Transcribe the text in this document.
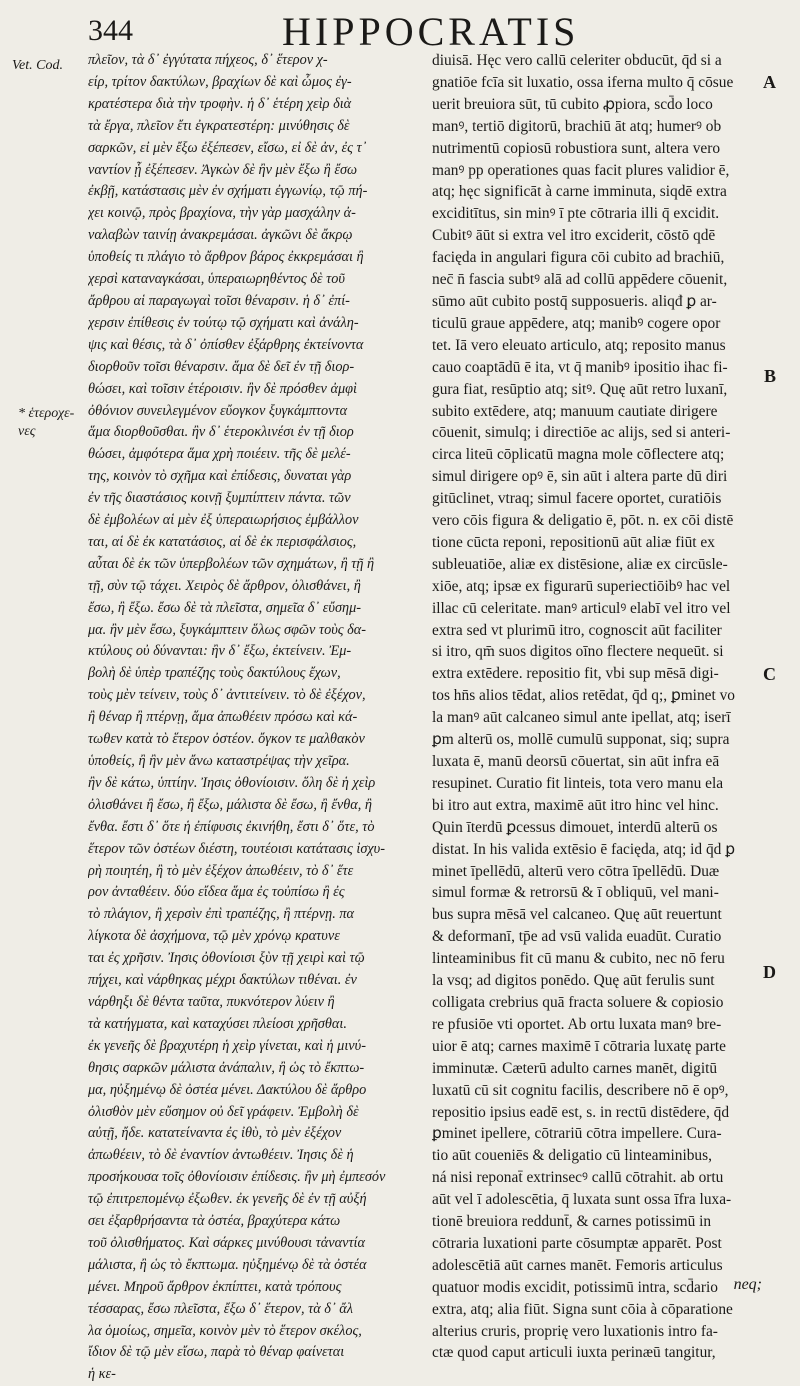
344	HIPPOCRATIS
Vet. Cod.
* ἑτεροχε-
νες
πλεῖον, τὰ δ᾽ ἐγγύτατα πήχεος, δ᾽ ἕτερον χ-
είρ, τρίτον δακτύλων, βραχίων δὲ καὶ ὦμος ἐγ-
κρατέστερα διὰ τὴν τροφὴν. ἡ δ᾽ ἑτέρη χεὶρ διὰ
τὰ ἔργα, πλεῖον ἔτι ἐγκρατεστέρη: μινύθησις δὲ
σαρκῶν, εἰ μὲν ἔξω ἐξέπεσεν, εἴσω, εἰ δὲ ἀν, ἐς τ᾽
ναντίον ᾗ ἐξέπεσεν. Ἀγκὼν δὲ ἢν μὲν ἔξω ἢ ἔσω
ἐκβῇ, κατάστασις μὲν ἐν σχήματι ἐγγωνίῳ, τῷ πή-
χει κοινῷ, πρὸς βραχίονα, τὴν γὰρ μασχάλην ἀ-
ναλαβὼν ταινίῃ ἀνακρεμάσαι. ἀγκῶνι δὲ ἄκρῳ
ὑποθείς τι πλάγιο τὸ ἄρθρον βάρος ἐκκρεμάσαι ἢ
χερσὶ καταναγκάσαι, ὑπεραιωρηθέντος δὲ τοῦ
ἄρθρου αἱ παραγωγαὶ τοῖσι θέναρσιν. ἡ δ᾽ ἐπί-
χερσιν ἐπίθεσις ἐν τούτῳ τῷ σχήματι καὶ ἀνάλη-
ψις καὶ θέσις, τὰ δ᾽ ὀπίσθεν ἐξάρθρης ἐκτείνοντα
διορθοῦν τοῖσι θέναρσιν. ἅμα δὲ δεῖ ἐν τῇ διορ-
θώσει, καὶ τοῖσιν ἑτέροισιν. ἢν δὲ πρόσθεν ἀμφὶ
ὀθόνιον συνειλεγμένον εὔογκον ξυγκάμπτοντα
ἅμα διορθοῦσθαι. ἢν δ᾽ ἑτεροκλινέσι ἐν τῇ διορ
θώσει, ἀμφότερα ἅμα χρὴ ποιέειν. τῆς δὲ μελέ-
της, κοινὸν τὸ σχῆμα καὶ ἐπίδεσις, δυναται γὰρ
ἐν τῆς διαστάσιος κοινῇ ξυμπίπτειν πάντα. τῶν
δὲ ἐμβολέων αἱ μὲν ἐξ ὑπεραιωρήσιος ἐμβάλλον
ται, αἱ δὲ ἐκ κατατάσιος, αἱ δὲ ἐκ περισφάλσιος,
αὗται δὲ ἐκ τῶν ὑπερβολέων τῶν σχημάτων, ἢ τῇ ἢ
τῇ, σὺν τῷ τάχει. Χειρὸς δὲ ἄρθρον, ὀλισθάνει, ἢ
ἔσω, ἢ ἔξω. ἔσω δὲ τὰ πλεῖστα, σημεῖα δ᾽ εὔσημ-
μα. ἢν μὲν ἔσω, ξυγκάμπτειν ὅλως σφῶν τοὺς δα-
κτύλους οὐ δύνανται: ἢν δ᾽ ἔξω, ἐκτείνειν. Ἐμ-
βολὴ δὲ ὑπὲρ τραπέζης τοὺς δακτύλους ἔχων,
τοὺς μὲν τείνειν, τοὺς δ᾽ ἀντιτείνειν. τὸ δὲ ἐξέχον,
ἢ θέναρ ἢ πτέρνῃ, ἅμα ἀπωθέειν πρόσω καὶ κά-
τωθεν κατὰ τὸ ἕτερον ὀστέον. ὄγκον τε μαλθακὸν
ὑποθείς, ἢ ἢν μὲν ἄνω καταστρέψας τὴν χεῖρα.
ἢν δὲ κάτω, ὑπτίην. Ἰησις ὀθονίοισιν. ὅλη δὲ ἡ χεὶρ
ὀλισθάνει ἢ ἔσω, ἢ ἔξω, μάλιστα δὲ ἔσω, ἢ ἔνθα, ἢ
ἔνθα. ἔστι δ᾽ ὅτε ἡ ἐπίφυσις ἐκινήθη, ἔστι δ᾽ ὅτε, τὸ
ἕτερον τῶν ὀστέων διέστη, τουτέοισι κατάτασις ἰσχυ-
ρὴ ποιητέη, ἢ τὸ μὲν ἐξέχον ἀπωθέειν, τὸ δ᾽ ἕτε
ρον ἀνταθέειν. δύο εἴδεα ἅμα ἐς τοὐπίσω ἢ ἐς
τὸ πλάγιον, ἢ χερσὶν ἐπὶ τραπέζης, ἢ πτέρνῃ. πα
λίγκοτα δὲ ἀσχήμονα, τῷ μὲν χρόνῳ κρατυνε
ται ἐς χρῆσιν. Ἰησις ὀθονίοισι ξὺν τῇ χειρὶ καὶ τῷ
πήχει, καὶ νάρθηκας μέχρι δακτύλων τιθέναι. ἐν
νάρθηξι δὲ θέντα ταῦτα, πυκνότερον λύειν ἢ
τὰ κατήγματα, καὶ καταχύσει πλείοσι χρῆσθαι.
ἐκ γενεῆς δὲ βραχυτέρη ἡ χεὶρ γίνεται, καὶ ἡ μινύ-
θησις σαρκῶν μάλιστα ἀνάπαλιν, ἢ ὡς τὸ ἔκπτω-
μα, ηὐξημένῳ δὲ ὀστέα μένει. Δακτύλου δὲ ἄρθρο
ὀλισθὸν μὲν εὔσημον οὐ δεῖ γράφειν. Ἐμβολὴ δὲ
αὐτῇ, ἤδε. κατατείναντα ἐς ἰθὺ, τὸ μὲν ἐξέχον
ἀπωθέειν, τὸ δὲ ἐναντίον ἀντωθέειν. Ἰησις δὲ ἡ
προσήκουσα τοῖς ὀθονίοισιν ἐπίδεσις. ἢν μὴ ἐμπεσόν
τῷ ἐπιτρεπομένῳ ἐξωθεν. ἐκ γενεῆς δὲ ἐν τῇ αὐξή
σει ἐξαρθρήσαντα τὰ ὀστέα, βραχύτερα κάτω
τοῦ ὀλισθήματος. Καὶ σάρκες μινύθουσι τἀναντία
μάλιστα, ἢ ὡς τὸ ἔκπτωμα. ηὐξημένῳ δὲ τὰ ὀστέα
μένει. Μηροῦ ἄρθρον ἐκπίπτει, κατὰ τρόπους
τέσσαρας, ἔσω πλεῖστα, ἔξω δ᾽ ἕτερον, τὰ δ᾽ ἄλ
λα ὁμοίως, σημεῖα, κοινὸν μὲν τὸ ἕτερον σκέλος,
ἴδιον δὲ τῷ μὲν εἴσω, παρὰ τὸ θέναρ φαίνεται
ἡ κε-
diuisā. Hęc vero callū celeriter obducūt, q̄d si a
gnatiōe fcīa sit luxatio, ossa iferna multo q̄ cōsue
uerit breuiora sūt, tū cubito ꝓpiora, scd̄o loco
manꝰ, tertiō digitorū, brachiū āt atq; humerꝰ ob
nutrimentū copiosū robustiora sunt, altera vero
manꝰ pp operationes quas facit plures validior ē,
atq; hęc significāt à carne imminuta, siqdē extra
exciditītus, sin minꝰ ī pte cōtraria illi q̄ excidit.
Cubitꝰ āūt si extra vel itro exciderit, cōstō qdē
facięda in angulari figura cōi cubito ad brachiū,
nec̄ n̄ fascia subtꝰ alā ad collū appēdere cōuenit,
sūmo aūt cubito postq̄ supposueris. aliqđ ꝑ ar-
ticulū graue appēdere, atq; manibꝰ cogere opor
tet. Iā vero eleuato articulo, atq; reposito manus
cauo coaptādū ē ita, vt q̄ manibꝰ ipositio ihac fi-
gura fiat, resūptio atq; sitꝰ. Quę aūt retro luxanī,
subito extēdere, atq; manuum cautiate dirigere
cōuenit, simulq; i directiōe ac alijs, sed si anteri-
circa liteū cōplicatū magna mole cōflectere atq;
simul dirigere opꝰ ē, sin aūt i altera parte dū diri
gitūclinet, vtraq; simul facere oportet, curatiōis
vero cōis figura & deligatio ē, pōt. n. ex cōi distē
tione cūcta reponi, repositionū aūt aliæ fiūt ex
subleuatiōe, aliæ ex distēsione, aliæ ex circūsle-
xiōe, atq; ipsæ ex figurarū superiectiōibꝰ hac vel
illac cū celeritate. manꝰ articulꝰ elabī vel itro vel
extra sed vt plurimū itro, cognoscit aūt faciliter
si itro, qm̄ suos digitos oīno flectere nequeūt. si
extra extēdere. repositio fit, vbi sup mēsā digi-
tos hn̄s alios tēdat, alios retēdat, q̄d q;, ꝑminet vo
la manꝰ aūt calcaneo simul ante ipellat, atq; iserī
ꝑm alterū os, mollē cumulū supponat, siq; supra
luxata ē, manū deorsū cōuertat, sin aūt infra eā
resupinet. Curatio fit linteis, tota vero manu ela
bi itro aut extra, maximē aūt itro hinc vel hinc.
Quin īterdū ꝑcessus dimouet, interdū alterū os
distat. In his valida extēsio ē facięda, atq; id q̄d ꝑ
minet īpellēdū, alterū vero cōtra īpellēdū. Duæ
simul formæ & retrorsū & ī obliquū, vel mani-
bus supra mēsā vel calcaneo. Quę aūt reuertunt
& deformanī, tp̄e ad vsū valida euadūt. Curatio
linteaminibus fit cū manu & cubito, nec nō feru
la vsq; ad digitos ponēdo. Quę aūt ferulis sunt
colligata crebrius quā fracta soluere & copiosio
re pfusiōe vti oportet. Ab ortu luxata manꝰ bre-
uior ē atq; carnes maximē ī cōtraria luxatę parte
imminutæ. Cæterū adulto carnes manēt, digitū
luxatū cū sit cognitu facilis, describere nō ē opꝰ,
repositio ipsius eadē est, s. in rectū distēdere, q̄d
ꝑminet ipellere, cōtrariū cōtra impellere. Cura-
tio aūt coueniēs & deligatio cū linteaminibus,
ná nisi reponat̄ extrinsecꝰ callū cōtrahit. ab ortu
aūt vel ī adolescētia, q̄ luxata sunt ossa īfra luxa-
tionē breuiora reddunt̄, & carnes potissimū in
cōtraria luxationi parte cōsumptæ apparēt. Post
adolescētiā aūt carnes manēt. Femoris articulus
quatuor modis excidit, potissimū intra, scd̄ario
extra, atq; alia fiūt. Signa sunt cōia à cōparatione
alterius cruris, proprię vero luxationis intro fa-
ctæ quod caput articuli iuxta perinæū tangitur,
A
B
C
D
neq;
